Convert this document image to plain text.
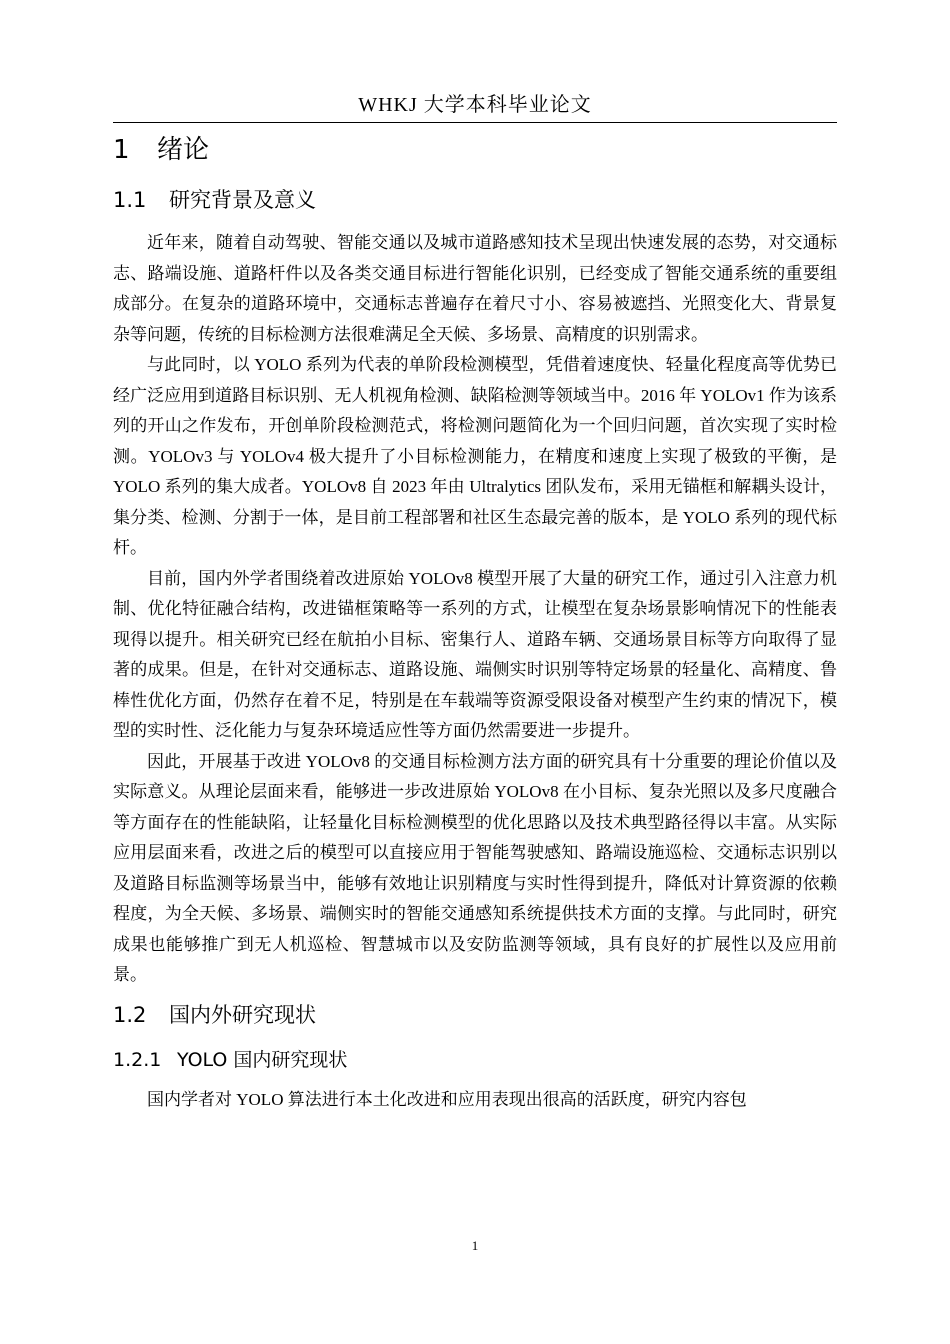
WHKJ 大学本科毕业论文
1 绪论
1.1 研究背景及意义

近年来，随着自动驾驶、智能交通以及城市道路感知技术呈现出快速发展的态势，对交通标志、路端设施、道路杆件以及各类交通目标进行智能化识别，已经变成了智能交通系统的重要组成部分。在复杂的道路环境中，交通标志普遍存在着尺寸小、容易被遮挡、光照变化大、背景复杂等问题，传统的目标检测方法很难满足全天候、多场景、高精度的识别需求。

与此同时，以 YOLO 系列为代表的单阶段检测模型，凭借着速度快、轻量化程度高等优势已经广泛应用到道路目标识别、无人机视角检测、缺陷检测等领域当中。2016 年 YOLOv1 作为该系列的开山之作发布，开创单阶段检测范式，将检测问题简化为一个回归问题，首次实现了实时检测。YOLOv3 与 YOLOv4 极大提升了小目标检测能力，在精度和速度上实现了极致的平衡，是 YOLO 系列的集大成者。YOLOv8 自 2023 年由 Ultralytics 团队发布，采用无锚框和解耦头设计，集分类、检测、分割于一体，是目前工程部署和社区生态最完善的版本，是 YOLO 系列的现代标杆。

目前，国内外学者围绕着改进原始 YOLOv8 模型开展了大量的研究工作，通过引入注意力机制、优化特征融合结构，改进锚框策略等一系列的方式，让模型在复杂场景影响情况下的性能表现得以提升。相关研究已经在航拍小目标、密集行人、道路车辆、交通场景目标等方向取得了显著的成果。但是，在针对交通标志、道路设施、端侧实时识别等特定场景的轻量化、高精度、鲁棒性优化方面，仍然存在着不足，特别是在车载端等资源受限设备对模型产生约束的情况下，模型的实时性、泛化能力与复杂环境适应性等方面仍然需要进一步提升。

因此，开展基于改进 YOLOv8 的交通目标检测方法方面的研究具有十分重要的理论价值以及实际意义。从理论层面来看，能够进一步改进原始 YOLOv8 在小目标、复杂光照以及多尺度融合等方面存在的性能缺陷，让轻量化目标检测模型的优化思路以及技术典型路径得以丰富。从实际应用层面来看，改进之后的模型可以直接应用于智能驾驶感知、路端设施巡检、交通标志识别以及道路目标监测等场景当中，能够有效地让识别精度与实时性得到提升，降低对计算资源的依赖程度，为全天候、多场景、端侧实时的智能交通感知系统提供技术方面的支撑。与此同时，研究成果也能够推广到无人机巡检、智慧城市以及安防监测等领域，具有良好的扩展性以及应用前景。

1.2 国内外研究现状
1.2.1 YOLO 国内研究现状

国内学者对 YOLO 算法进行本土化改进和应用表现出很高的活跃度，研究内容包

1
